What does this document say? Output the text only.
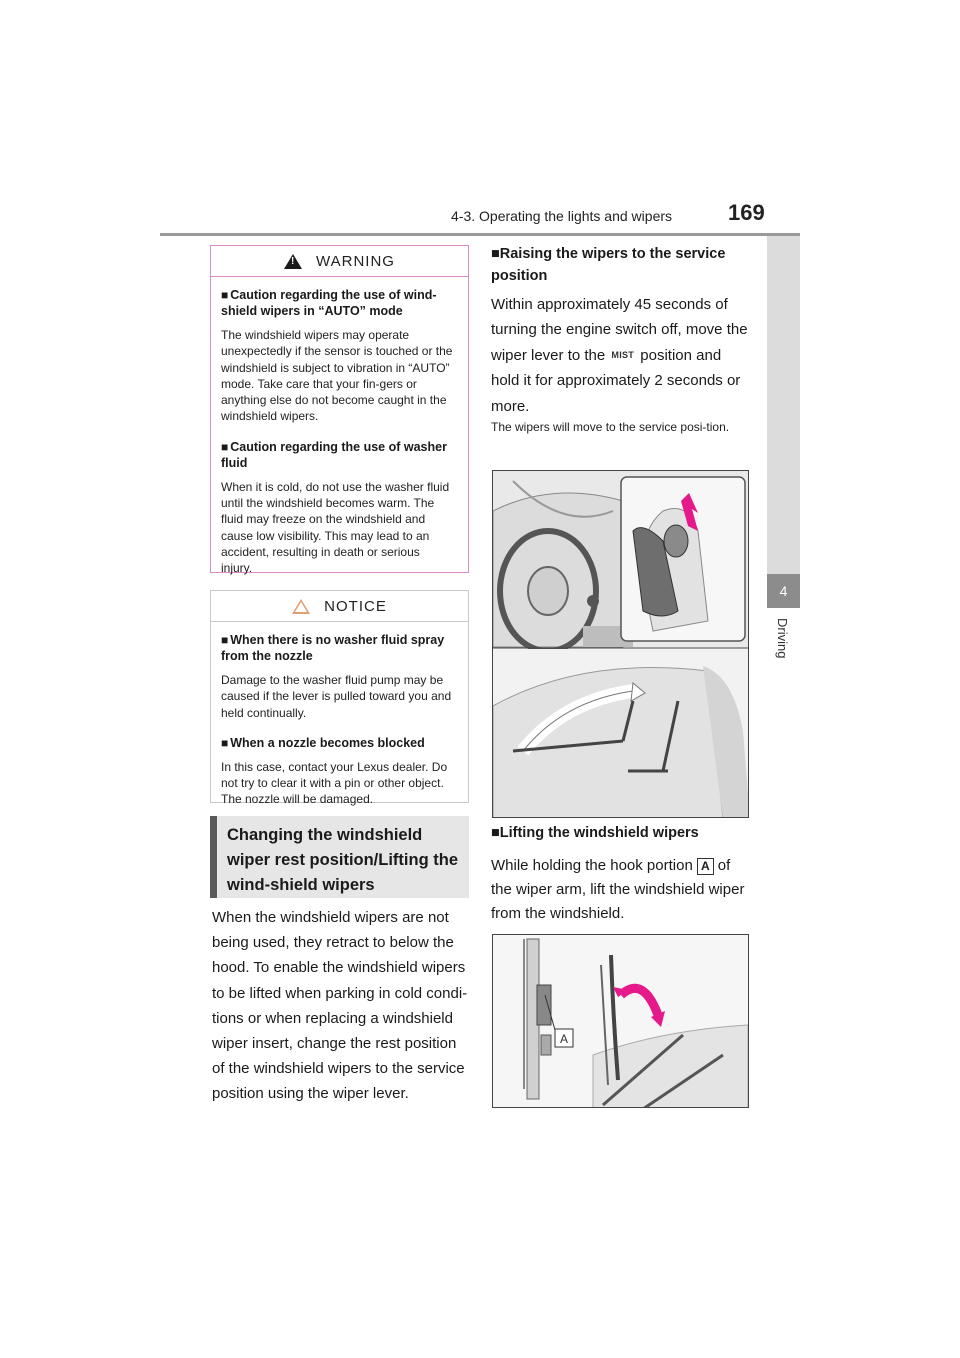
4-3. Operating the lights and wipers	169
4
Driving
!
WARNING
■ Caution regarding the use of wind-shield wipers in “AUTO” mode
The windshield wipers may operate unexpectedly if the sensor is touched or the windshield is subject to vibration in “AUTO” mode. Take care that your fin-gers or anything else do not become caught in the windshield wipers.
■ Caution regarding the use of washer fluid
When it is cold, do not use the washer fluid until the windshield becomes warm. The fluid may freeze on the windshield and cause low visibility. This may lead to an accident, resulting in death or serious injury.
NOTICE
■ When there is no washer fluid spray from the nozzle
Damage to the washer fluid pump may be caused if the lever is pulled toward you and held continually.
■ When a nozzle becomes blocked
In this case, contact your Lexus dealer. Do not try to clear it with a pin or other object. The nozzle will be damaged.
Changing the windshield wiper rest position/Lifting the wind-shield wipers
When the windshield wipers are not being used, they retract to below the hood. To enable the windshield wipers to be lifted when parking in cold condi-tions or when replacing a windshield wiper insert, change the rest position of the windshield wipers to the service position using the wiper lever.
■Raising the wipers to the service position
Within approximately 45 seconds of turning the engine switch off, move the wiper lever to the MIST position and hold it for approximately 2 seconds or more.
The wipers will move to the service posi-tion.
■Lifting the windshield wipers
While holding the hook portion A of the wiper arm, lift the windshield wiper from the windshield.
A
